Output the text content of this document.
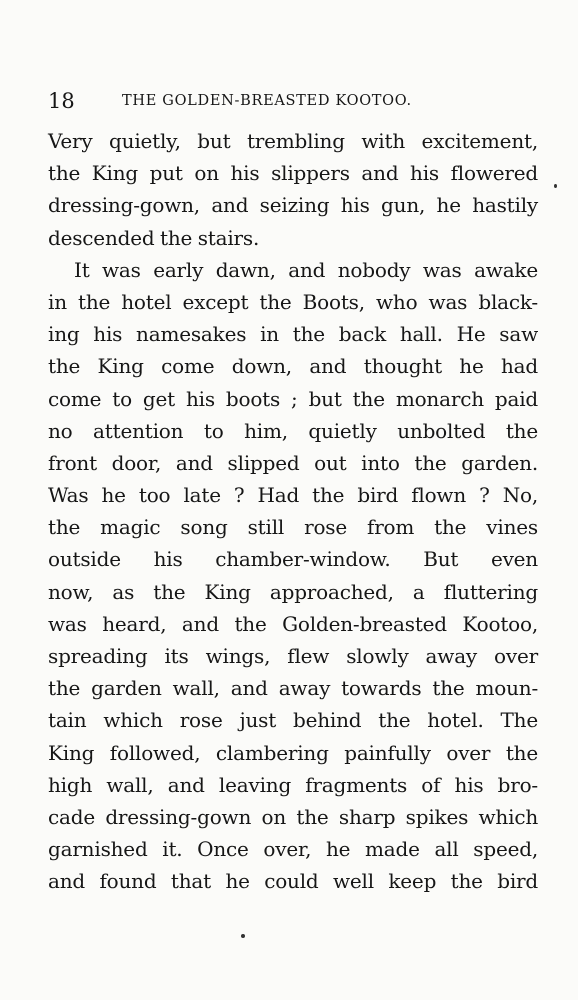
18	THE GOLDEN-BREASTED KOOTOO.
Very quietly, but trembling with excitement,
the King put on his slippers and his flowered
dressing-gown, and seizing his gun, he hastily
descended the stairs.
It was early dawn, and nobody was awake
in the hotel except the Boots, who was black-
ing his namesakes in the back hall. He saw
the King come down, and thought he had
come to get his boots ; but the monarch paid
no attention to him, quietly unbolted the
front door, and slipped out into the garden.
Was he too late ? Had the bird flown ? No,
the magic song still rose from the vines
outside his chamber-window. But even
now, as the King approached, a fluttering
was heard, and the Golden-breasted Kootoo,
spreading its wings, flew slowly away over
the garden wall, and away towards the moun-
tain which rose just behind the hotel. The
King followed, clambering painfully over the
high wall, and leaving fragments of his bro-
cade dressing-gown on the sharp spikes which
garnished it. Once over, he made all speed,
and found that he could well keep the bird
